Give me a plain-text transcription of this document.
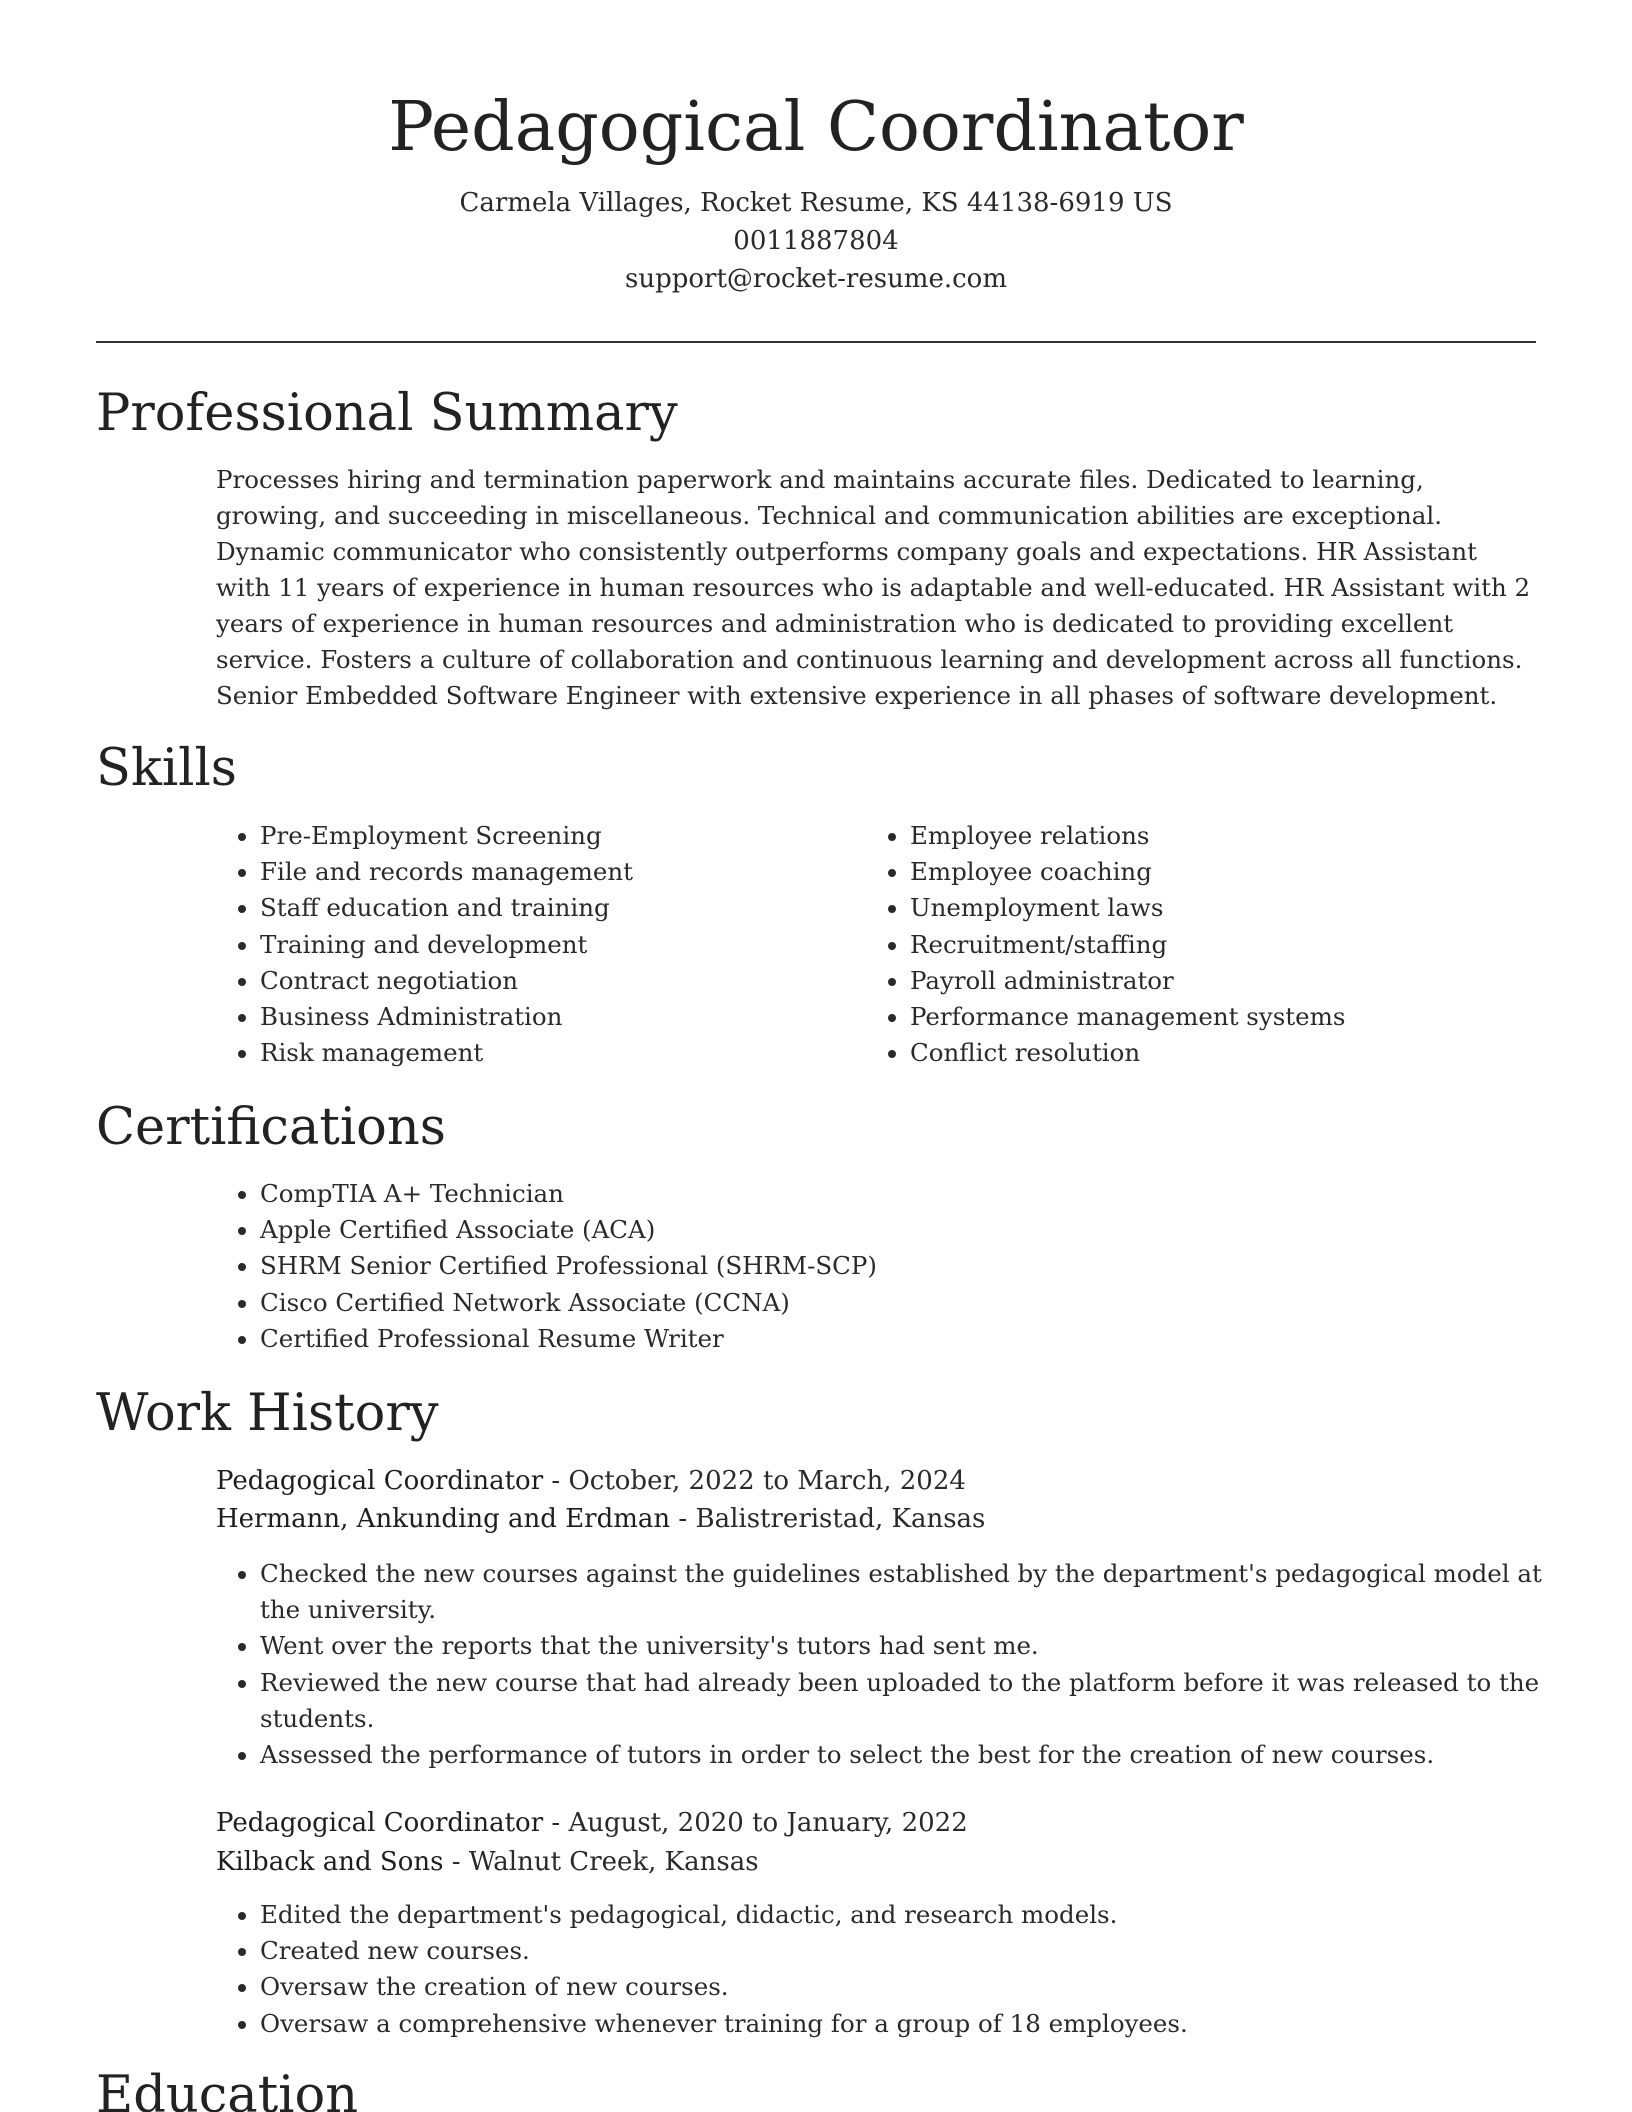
Pedagogical Coordinator
Carmela Villages, Rocket Resume, KS 44138-6919 US
0011887804
support@rocket-resume.com
Professional Summary
Processes hiring and termination paperwork and maintains accurate files. Dedicated to learning, growing, and succeeding in miscellaneous. Technical and communication abilities are exceptional. Dynamic communicator who consistently outperforms company goals and expectations. HR Assistant with 11 years of experience in human resources who is adaptable and well-educated. HR Assistant with 2 years of experience in human resources and administration who is dedicated to providing excellent service. Fosters a culture of collaboration and continuous learning and development across all functions. Senior Embedded Software Engineer with extensive experience in all phases of software development.
Skills
• Pre-Employment Screening
• File and records management
• Staff education and training
• Training and development
• Contract negotiation
• Business Administration
• Risk management
• Employee relations
• Employee coaching
• Unemployment laws
• Recruitment/staffing
• Payroll administrator
• Performance management systems
• Conflict resolution
Certifications
• CompTIA A+ Technician
• Apple Certified Associate (ACA)
• SHRM Senior Certified Professional (SHRM-SCP)
• Cisco Certified Network Associate (CCNA)
• Certified Professional Resume Writer
Work History
Pedagogical Coordinator - October, 2022 to March, 2024
Hermann, Ankunding and Erdman - Balistreristad, Kansas
• Checked the new courses against the guidelines established by the department's pedagogical model at the university.
• Went over the reports that the university's tutors had sent me.
• Reviewed the new course that had already been uploaded to the platform before it was released to the students.
• Assessed the performance of tutors in order to select the best for the creation of new courses.
Pedagogical Coordinator - August, 2020 to January, 2022
Kilback and Sons - Walnut Creek, Kansas
• Edited the department's pedagogical, didactic, and research models.
• Created new courses.
• Oversaw the creation of new courses.
• Oversaw a comprehensive whenever training for a group of 18 employees.
Education
